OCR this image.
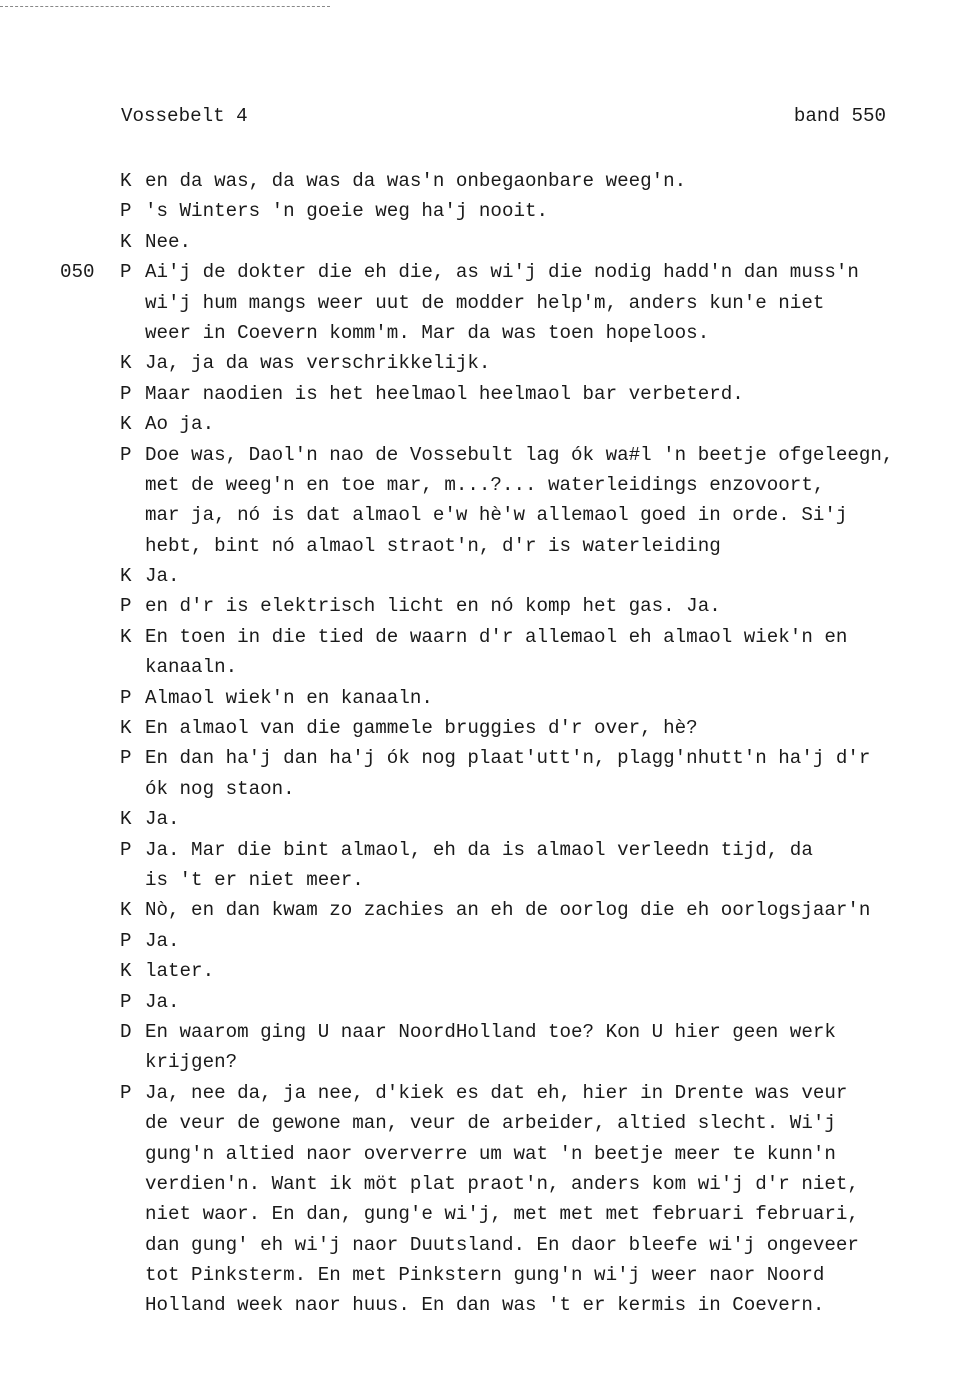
Vossebelt 4	band 550
K en da was, da was da was'n onbegaonbare weeg'n.
P 's Winters 'n goeie weg ha'j nooit.
K Nee.
050 P Ai'j de dokter die eh die, as wi'j die nodig hadd'n dan muss'n
wi'j hum mangs weer uut de modder help'm, anders kun'e niet
weer in Coevern komm'm. Mar da was toen hopeloos.
K Ja, ja da was verschrikkelijk.
P Maar naodien is het heelmaol heelmaol bar verbeterd.
K Ao ja.
P Doe was, Daol'n nao de Vossebult lag ók wa#l 'n beetje ofgeleegn,
met de weeg'n en toe mar, m...?... waterleidings enzovoort,
mar ja, nó is dat almaol e'w hè'w allemaol goed in orde. Si'j
hebt, bint nó almaol straot'n, d'r is waterleiding
K Ja.
P en d'r is elektrisch licht en nó komp het gas. Ja.
K En toen in die tied de waarn d'r allemaol eh almaol wiek'n en
kanaaln.
P Almaol wiek'n en kanaaln.
K En almaol van die gammele bruggies d'r over, hè?
P En dan ha'j dan ha'j ók nog plaat'utt'n, plagg'nhutt'n ha'j d'r
ók nog staon.
K Ja.
P Ja. Mar die bint almaol, eh da is almaol verleedn tijd, da
is 't er niet meer.
K Nò, en dan kwam zo zachies an eh de oorlog die eh oorlogsjaar'n
P Ja.
K later.
P Ja.
D En waarom ging U naar NoordHolland toe? Kon U hier geen werk
krijgen?
P Ja, nee da, ja nee, d'kiek es dat eh, hier in Drente was veur
de veur de gewone man, veur de arbeider, altied slecht. Wi'j
gung'n altied naor oververre um wat 'n beetje meer te kunn'n
verdien'n. Want ik möt plat praot'n, anders kom wi'j d'r niet,
niet waor. En dan, gung'e wi'j, met met met februari februari,
dan gung' eh wi'j naor Duutsland. En daor bleefe wi'j ongeveer
tot Pinksterm. En met Pinkstern gung'n wi'j weer naor Noord
Holland week naor huus. En dan was 't er kermis in Coevern.
